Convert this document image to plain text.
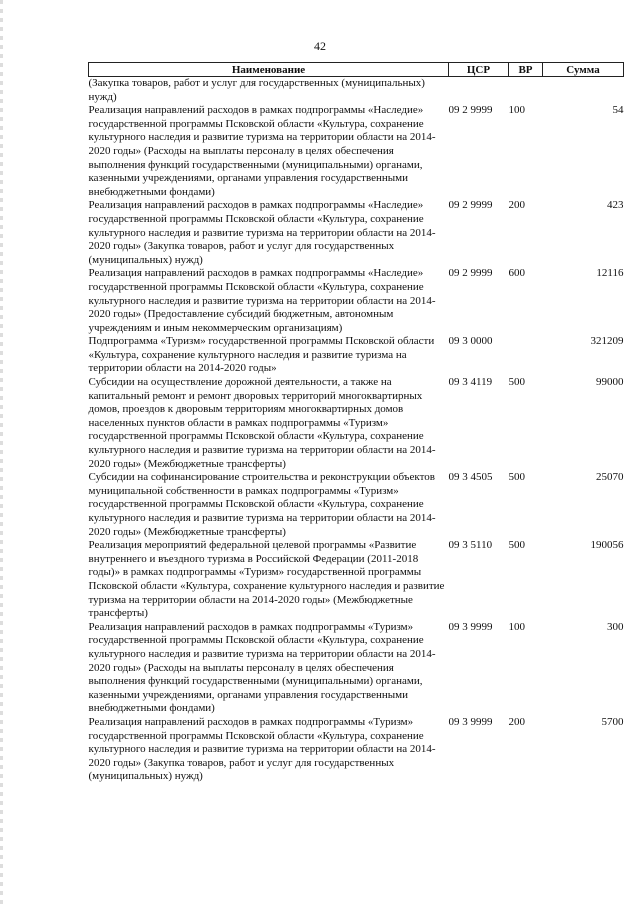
42
Наименование	ЦСР	ВР	Сумма
(Закупка товаров, работ и услуг для государственных (муниципальных) нужд)			
Реализация направлений расходов в рамках подпрограммы «Наследие» государственной программы Псковской области «Культура, сохранение культурного наследия и развитие туризма на территории области на 2014-2020 годы» (Расходы на выплаты персоналу в целях обеспечения выполнения функций государственными (муниципальными) органами, казенными учреждениями, органами управления государственными внебюджетными фондами)	09 2 9999	100	54
Реализация направлений расходов в рамках подпрограммы «Наследие» государственной программы Псковской области «Культура, сохранение культурного наследия и развитие туризма на территории области на 2014-2020 годы» (Закупка товаров, работ и услуг для государственных (муниципальных) нужд)	09 2 9999	200	423
Реализация направлений расходов в рамках подпрограммы «Наследие» государственной программы Псковской области «Культура, сохранение культурного наследия и развитие туризма на территории области на 2014-2020 годы» (Предоставление субсидий бюджетным, автономным учреждениям и иным некоммерческим организациям)	09 2 9999	600	12116
Подпрограмма «Туризм» государственной программы Псковской области «Культура, сохранение культурного наследия и развитие туризма на территории области на 2014-2020 годы»	09 3 0000		321209
Субсидии на осуществление дорожной деятельности, а также на капитальный ремонт и ремонт дворовых территорий многоквартирных домов, проездов к дворовым территориям многоквартирных домов населенных пунктов области в рамках подпрограммы «Туризм» государственной программы Псковской области «Культура, сохранение культурного наследия и развитие туризма на территории области на 2014-2020 годы» (Межбюджетные трансферты)	09 3 4119	500	99000
Субсидии на софинансирование строительства и реконструкции объектов муниципальной собственности в рамках подпрограммы «Туризм» государственной программы Псковской области «Культура, сохранение культурного наследия и развитие туризма на территории области на 2014-2020 годы» (Межбюджетные трансферты)	09 3 4505	500	25070
Реализация мероприятий федеральной целевой программы «Развитие внутреннего и въездного туризма в Российской Федерации (2011-2018 годы)» в рамках подпрограммы «Туризм» государственной программы Псковской области «Культура, сохранение культурного наследия и развитие туризма на территории области на 2014-2020 годы» (Межбюджетные трансферты)	09 3 5110	500	190056
Реализация направлений расходов в рамках подпрограммы «Туризм» государственной программы Псковской области «Культура, сохранение культурного наследия и развитие туризма на территории области на 2014-2020 годы» (Расходы на выплаты персоналу в целях обеспечения выполнения функций государственными (муниципальными) органами, казенными учреждениями, органами управления государственными внебюджетными фондами)	09 3 9999	100	300
Реализация направлений расходов в рамках подпрограммы «Туризм» государственной программы Псковской области «Культура, сохранение культурного наследия и развитие туризма на территории области на 2014-2020 годы» (Закупка товаров, работ и услуг для государственных (муниципальных) нужд)	09 3 9999	200	5700
